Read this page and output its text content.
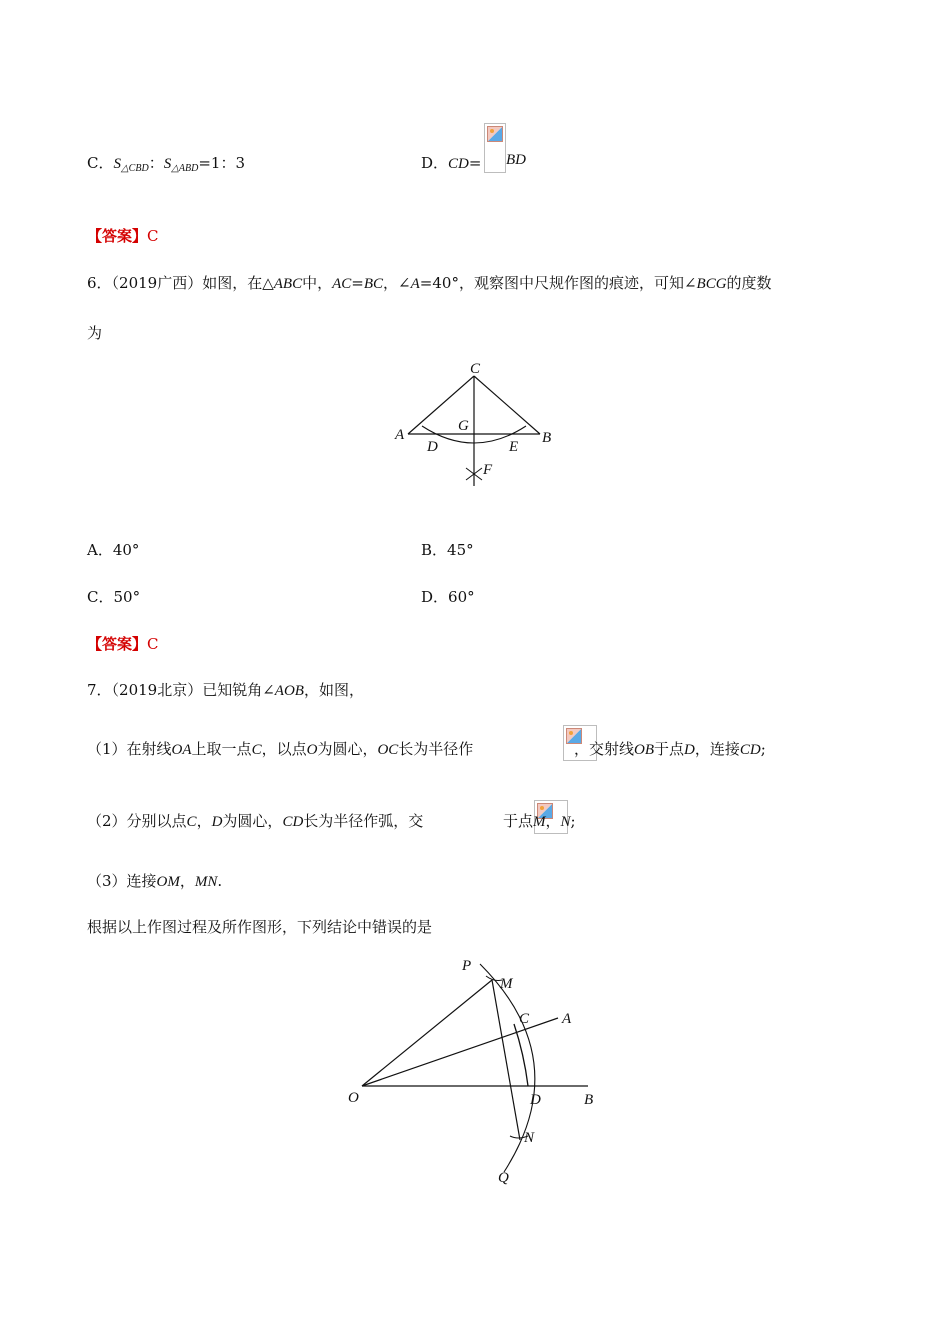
C．$S_{\triangle CBD}$：$S_{\triangle ABD}=1$：3	D．CD=
BD
【答案】C
6．（2019广西）如图，在△ABC中，AC=BC，∠A=40°，观察图中尺规作图的痕迹，可知∠BCG的度数
为
C
G
A	B
D	E
F
A．40°	B．45°
C．50°	D．60°
【答案】C
7．（2019北京）已知锐角∠AOB，如图，
（1）在射线OA上取一点C，以点O为圆心，OC长为半径作
	，交射线OB于点D，连接CD;
（2）分别以点C，D为圆心，CD长为半径作弧，交	于点M，N;
（3）连接OM，MN.
根据以上作图过程及所作图形，下列结论中错误的是
P
M
C A
O	D	B
N
Q
